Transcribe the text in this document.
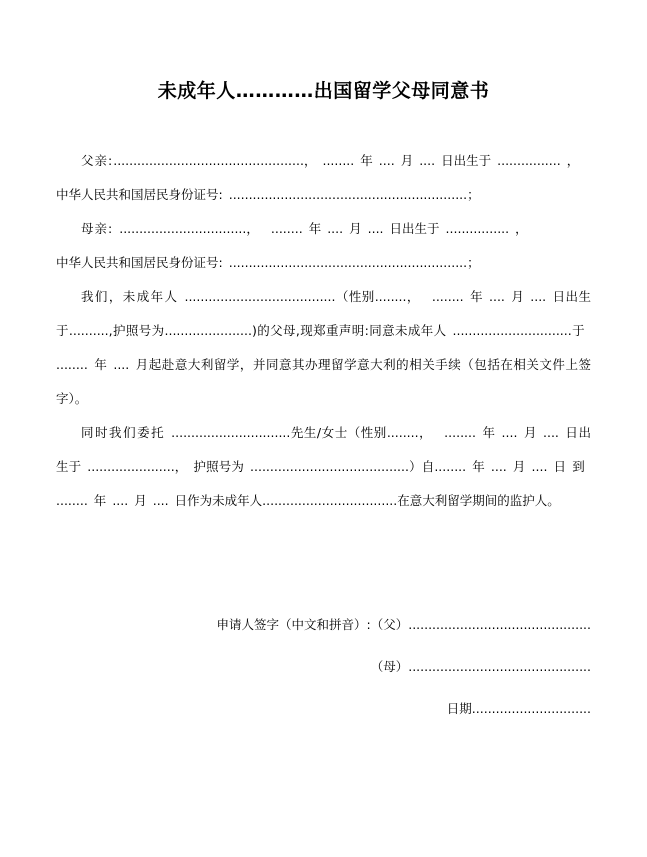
未成年人…………出国留学父母同意书

父亲:................................................， ........ 年 .... 月 .... 日出生于 ................ ，

中华人民共和国居民身份证号: ............................................................；

母亲: ................................， ........ 年 .... 月 .... 日出生于 ................ ，

中华人民共和国居民身份证号: ............................................................；

我们，未成年人 ......................................（性别........， ........ 年 .... 月 .... 日出生于..........,护照号为......................)的父母,现郑重声明:同意未成年人 ..............................于........ 年 .... 月起赴意大利留学，并同意其办理留学意大利的相关手续（包括在相关文件上签字）。

同时我们委托 ..............................先生/女士（性别........， ........ 年 .... 月 .... 日出生于 ......................， 护照号为 ........................................）自........ 年 .... 月 .... 日 到........ 年 .... 月 .... 日作为未成年人..................................在意大利留学期间的监护人。

申请人签字（中文和拼音）:（父）..............................................

（母）..............................................

日期..............................
